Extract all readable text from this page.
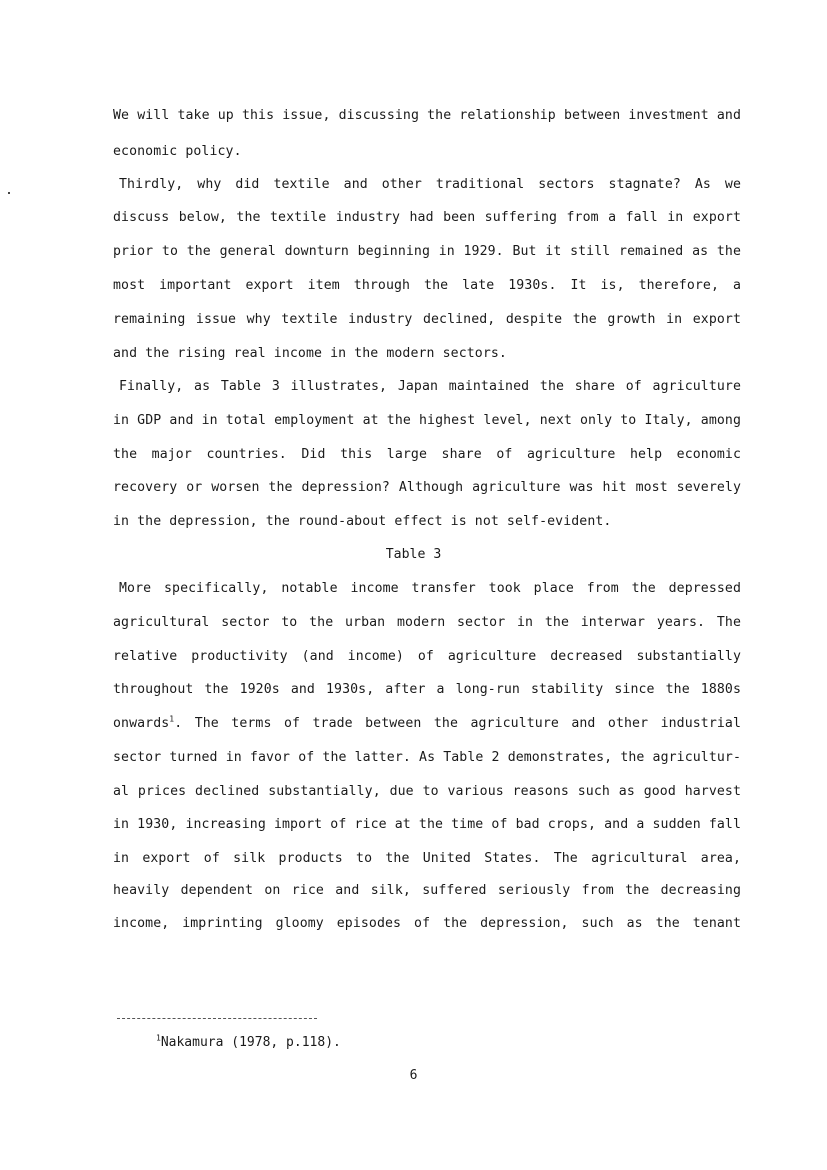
We will take up this issue, discussing the relationship between investment and
economic policy.
Thirdly, why did textile and other traditional sectors stagnate? As we
discuss below, the textile industry had been suffering from a fall in export
prior to the general downturn beginning in 1929. But it still remained as the
most important export item through the late 1930s. It is, therefore, a
remaining issue why textile industry declined, despite the growth in export
and the rising real income in the modern sectors.
Finally, as Table 3 illustrates, Japan maintained the share of agriculture
in GDP and in total employment at the highest level, next only to Italy, among
the major countries. Did this large share of agriculture help economic
recovery or worsen the depression? Although agriculture was hit most severely
in the depression, the round-about effect is not self-evident.
Table 3
More specifically, notable income transfer took place from the depressed
agricultural sector to the urban modern sector in the interwar years. The
relative productivity (and income) of agriculture decreased substantially
throughout the 1920s and 1930s, after a long-run stability since the 1880s
onwards$^1$. The terms of trade between the agriculture and other industrial
sector turned in favor of the latter. As Table 2 demonstrates, the agricultur-
al prices declined substantially, due to various reasons such as good harvest
in 1930, increasing import of rice at the time of bad crops, and a sudden fall
in export of silk products to the United States. The agricultural area,
heavily dependent on rice and silk, suffered seriously from the decreasing
income, imprinting gloomy episodes of the depression, such as the tenant
$^1$Nakamura (1978, p.118).
6
